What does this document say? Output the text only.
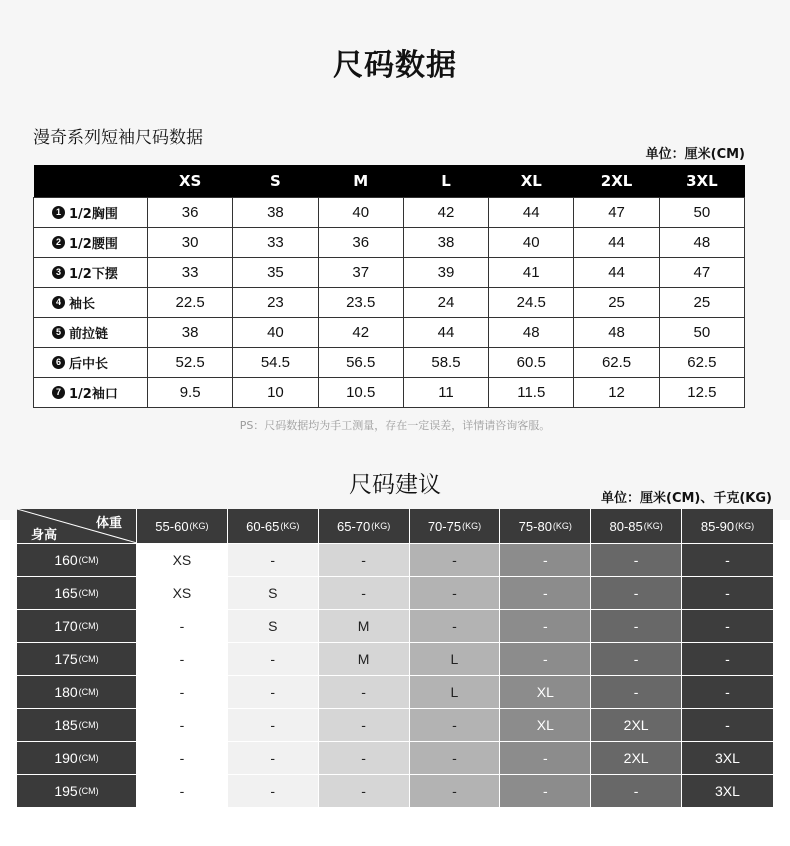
尺码数据
漫奇系列短袖尺码数据
单位：厘米(CM)
	XS	S	M	L	XL	2XL	3XL
1 1/2胸围	36	38	40	42	44	47	50
2 1/2腰围	30	33	36	38	40	44	48
3 1/2下摆	33	35	37	39	41	44	47
4 袖长	22.5	23	23.5	24	24.5	25	25
5 前拉链	38	40	42	44	48	48	50
6 后中长	52.5	54.5	56.5	58.5	60.5	62.5	62.5
7 1/2袖口	9.5	10	10.5	11	11.5	12	12.5
PS：尺码数据均为手工测量，存在一定误差，详情请咨询客服。
尺码建议
单位：厘米(CM)、千克(KG)
体重
身高
55-60 (KG)	60-65 (KG)	65-70 (KG)	70-75 (KG)	75-80 (KG)	80-85 (KG)	85-90 (KG)
160 (CM)	XS	-	-	-	-	-	-
165 (CM)	XS	S	-	-	-	-	-
170 (CM)	-	S	M	-	-	-	-
175 (CM)	-	-	M	L	-	-	-
180 (CM)	-	-	-	L	XL	-	-
185 (CM)	-	-	-	-	XL	2XL	-
190 (CM)	-	-	-	-	-	2XL	3XL
195 (CM)	-	-	-	-	-	-	3XL
